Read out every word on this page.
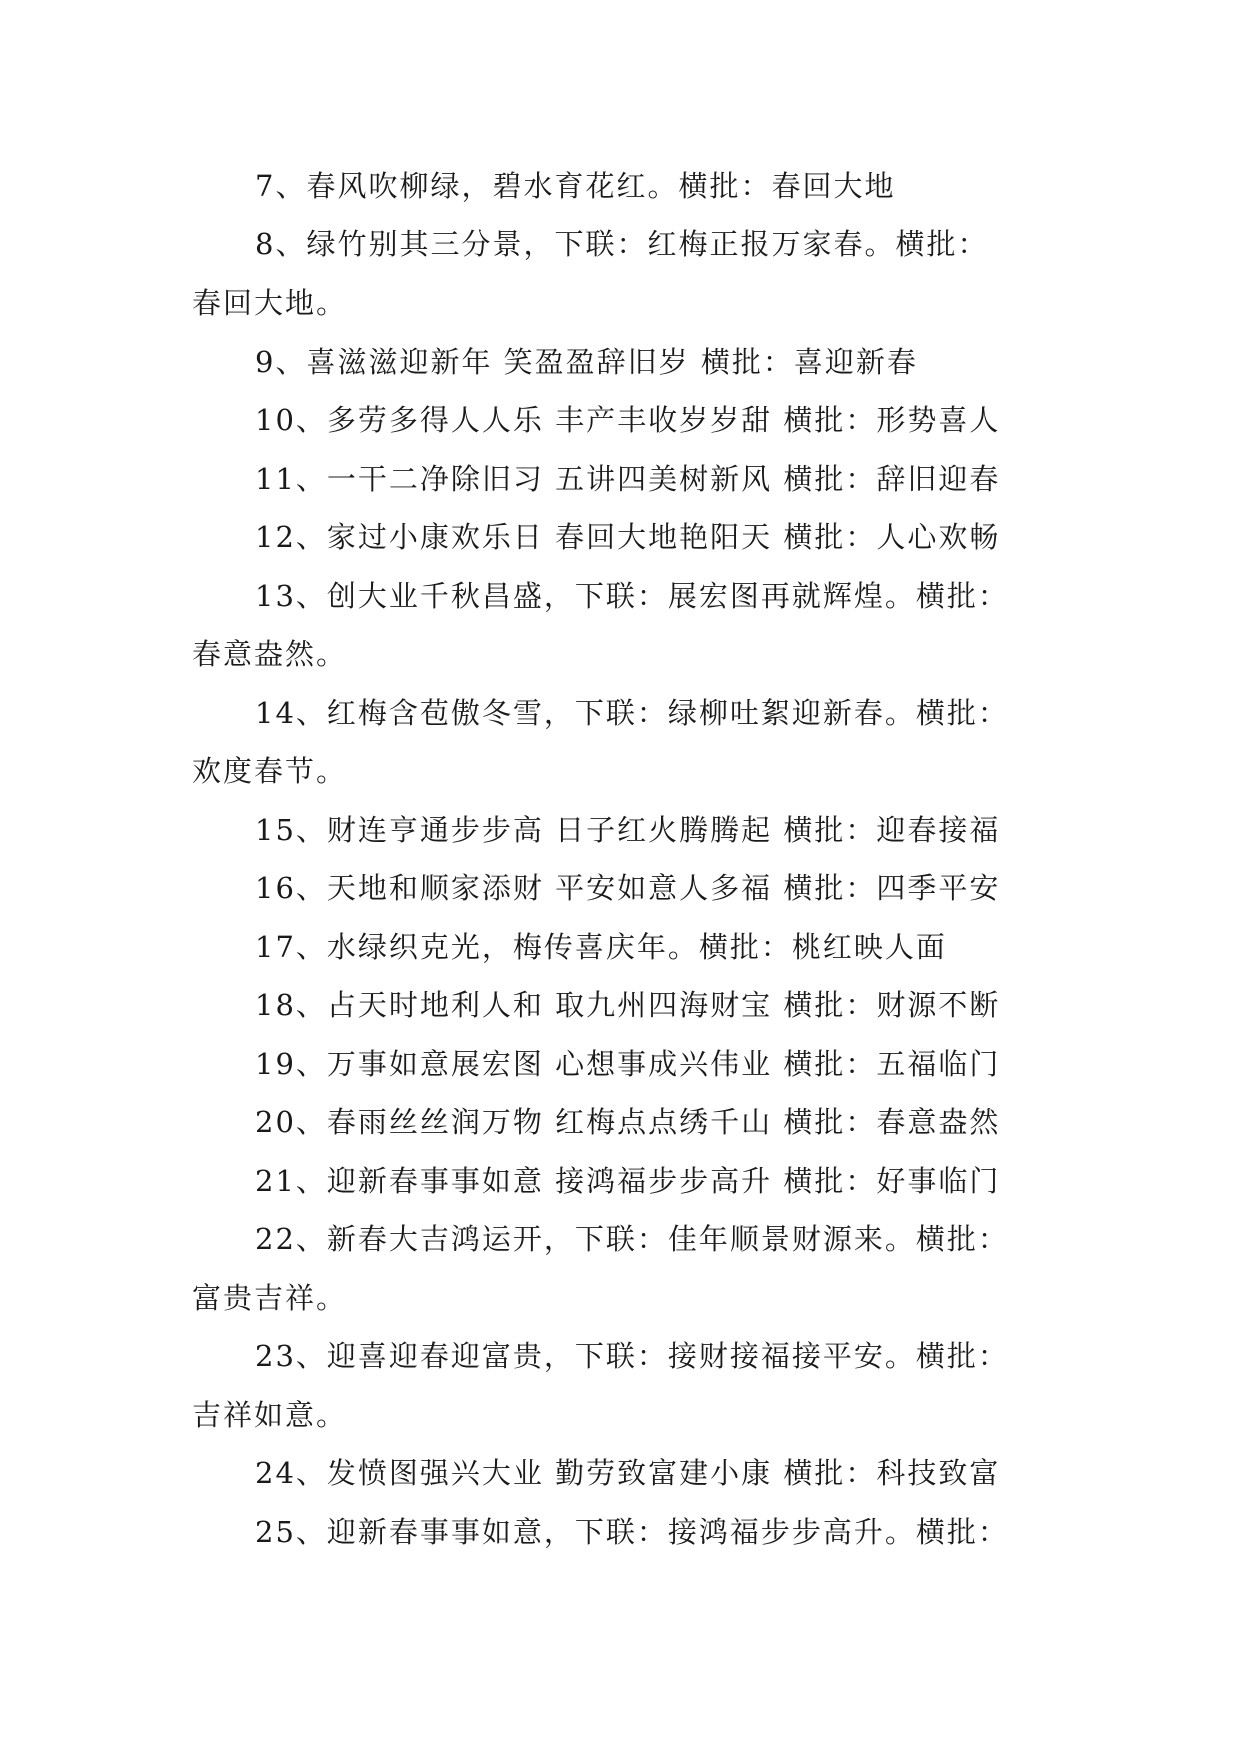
7、春风吹柳绿，碧水育花红。横批：春回大地
8、绿竹别其三分景，下联：红梅正报万家春。横批：
春回大地。
9、喜滋滋迎新年 笑盈盈辞旧岁 横批：喜迎新春
10、多劳多得人人乐 丰产丰收岁岁甜 横批：形势喜人
11、一干二净除旧习 五讲四美树新风 横批：辞旧迎春
12、家过小康欢乐日 春回大地艳阳天 横批：人心欢畅
13、创大业千秋昌盛，下联：展宏图再就辉煌。横批：
春意盎然。
14、红梅含苞傲冬雪，下联：绿柳吐絮迎新春。横批：
欢度春节。
15、财连亨通步步高 日子红火腾腾起 横批：迎春接福
16、天地和顺家添财 平安如意人多福 横批：四季平安
17、水绿织克光，梅传喜庆年。横批：桃红映人面
18、占天时地利人和 取九州四海财宝 横批：财源不断
19、万事如意展宏图 心想事成兴伟业 横批：五福临门
20、春雨丝丝润万物 红梅点点绣千山 横批：春意盎然
21、迎新春事事如意 接鸿福步步高升 横批：好事临门
22、新春大吉鸿运开，下联：佳年顺景财源来。横批：
富贵吉祥。
23、迎喜迎春迎富贵，下联：接财接福接平安。横批：
吉祥如意。
24、发愤图强兴大业 勤劳致富建小康 横批：科技致富
25、迎新春事事如意，下联：接鸿福步步高升。横批：
